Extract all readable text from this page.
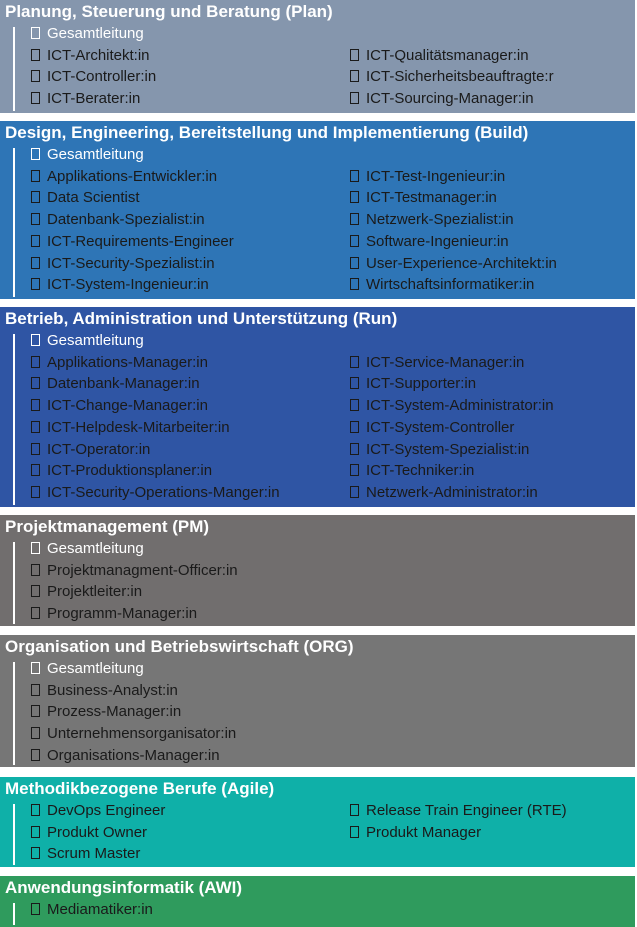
Planung, Steuerung und Beratung (Plan)
Gesamtleitung
ICT-Architekt:in
ICT-Controller:in
ICT-Berater:in
ICT-Qualitätsmanager:in
ICT-Sicherheitsbeauftragte:r
ICT-Sourcing-Manager:in
Design, Engineering, Bereitstellung und Implementierung (Build)
Gesamtleitung
Applikations-Entwickler:in
Data Scientist
Datenbank-Spezialist:in
ICT-Requirements-Engineer
ICT-Security-Spezialist:in
ICT-System-Ingenieur:in
ICT-Test-Ingenieur:in
ICT-Testmanager:in
Netzwerk-Spezialist:in
Software-Ingenieur:in
User-Experience-Architekt:in
Wirtschaftsinformatiker:in
Betrieb, Administration und Unterstützung (Run)
Gesamtleitung
Applikations-Manager:in
Datenbank-Manager:in
ICT-Change-Manager:in
ICT-Helpdesk-Mitarbeiter:in
ICT-Operator:in
ICT-Produktionsplaner:in
ICT-Security-Operations-Manger:in
ICT-Service-Manager:in
ICT-Supporter:in
ICT-System-Administrator:in
ICT-System-Controller
ICT-System-Spezialist:in
ICT-Techniker:in
Netzwerk-Administrator:in
Projektmanagement (PM)
Gesamtleitung
Projektmanagment-Officer:in
Projektleiter:in
Programm-Manager:in
Organisation und Betriebswirtschaft (ORG)
Gesamtleitung
Business-Analyst:in
Prozess-Manager:in
Unternehmensorganisator:in
Organisations-Manager:in
Methodikbezogene Berufe (Agile)
DevOps Engineer
Produkt Owner
Scrum Master
Release Train Engineer (RTE)
Produkt Manager
Anwendungsinformatik (AWI)
Mediamatiker:in
